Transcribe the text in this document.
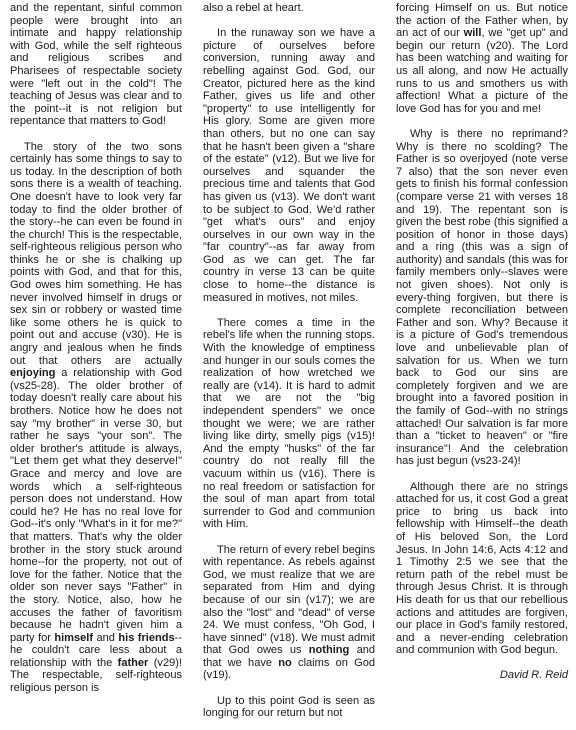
and the repentant, sinful common people were brought into an intimate and happy relationship with God, while the self righteous and religious scribes and Pharisees of respectable society were "left out in the cold"! The teaching of Jesus was clear and to the point--it is not religion but repentance that matters to God!

The story of the two sons certainly has some things to say to us today. In the description of both sons there is a wealth of teaching. One doesn't have to look very far today to find the older brother of the story--he can even be found in the church! This is the respectable, self-righteous religious person who thinks he or she is chalking up points with God, and that for this, God owes him something. He has never involved himself in drugs or sex sin or robbery or wasted time like some others he is quick to point out and accuse (v30). He is angry and jealous when he finds out that others are actually enjoying a relationship with God (vs25-28). The older brother of today doesn't really care about his brothers. Notice how he does not say "my brother" in verse 30, but rather he says "your son". The older brother's attitude is always, "Let them get what they deserve!" Grace and mercy and love are words which a self-righteous person does not understand. How could he? He has no real love for God--it's only "What's in it for me?" that matters. That's why the older brother in the story stuck around home--for the property, not out of love for the father. Notice that the older son never says "Father" in the story. Notice, also, how he accuses the father of favoritism because he hadn't given him a party for himself and his friends--he couldn't care less about a relationship with the father (v29)! The respectable, self-righteous religious person is

also a rebel at heart.

In the runaway son we have a picture of ourselves before conversion, running away and rebelling against God. God, our Creator, pictured here as the kind Father, gives us life and other "property" to use intelligently for His glory. Some are given more than others, but no one can say that he hasn't been given a "share of the estate" (v12). But we live for ourselves and squander the precious time and talents that God has given us (v13). We don't want to be subject to God. We'd rather "get what's ours" and enjoy ourselves in our own way in the "far country"--as far away from God as we can get. The far country in verse 13 can be quite close to home--the distance is measured in motives, not miles.

There comes a time in the rebel's life when the running stops. With the knowledge of emptiness and hunger in our souls comes the realization of how wretched we really are (v14). It is hard to admit that we are not the "big independent spenders" we once thought we were; we are rather living like dirty, smelly pigs (v15)! And the empty "husks" of the far country do not really fill the vacuum within us (v16). There is no real freedom or satisfaction for the soul of man apart from total surrender to God and communion with Him.

The return of every rebel begins with repentance. As rebels against God, we must realize that we are separated from Him and dying because of our sin (v17); we are also the "lost" and "dead" of verse 24. We must confess, "Oh God, I have sinned" (v18). We must admit that God owes us nothing and that we have no claims on God (v19).

Up to this point God is seen as longing for our return but not

forcing Himself on us. But notice the action of the Father when, by an act of our will, we "get up" and begin our return (v20). The Lord has been watching and waiting for us all along, and now He actually runs to us and smothers us with affection! What a picture of the love God has for you and me!

Why is there no reprimand? Why is there no scolding? The Father is so overjoyed (note verse 7 also) that the son never even gets to finish his formal confession (compare verse 21 with verses 18 and 19). The repentant son is given the best robe (this signified a position of honor in those days) and a ring (this was a sign of authority) and sandals (this was for family members only--slaves were not given shoes). Not only is every-thing forgiven, but there is complete reconciliation between Father and son. Why? Because it is a picture of God's tremendous love and unbelievable plan of salvation for us. When we turn back to God our sins are completely forgiven and we are brought into a favored position in the family of God--with no strings attached! Our salvation is far more than a "ticket to heaven" or "fire insurance"! And the celebration has just begun (vs23-24)!

Although there are no strings attached for us, it cost God a great price to bring us back into fellowship with Himself--the death of His beloved Son, the Lord Jesus. In John 14:6, Acts 4:12 and 1 Timothy 2:5 we see that the return path of the rebel must be through Jesus Christ. It is through His death for us that our rebellious actions and attitudes are forgiven, our place in God's family restored, and a never-ending celebration and communion with God begun.

David R. Reid
